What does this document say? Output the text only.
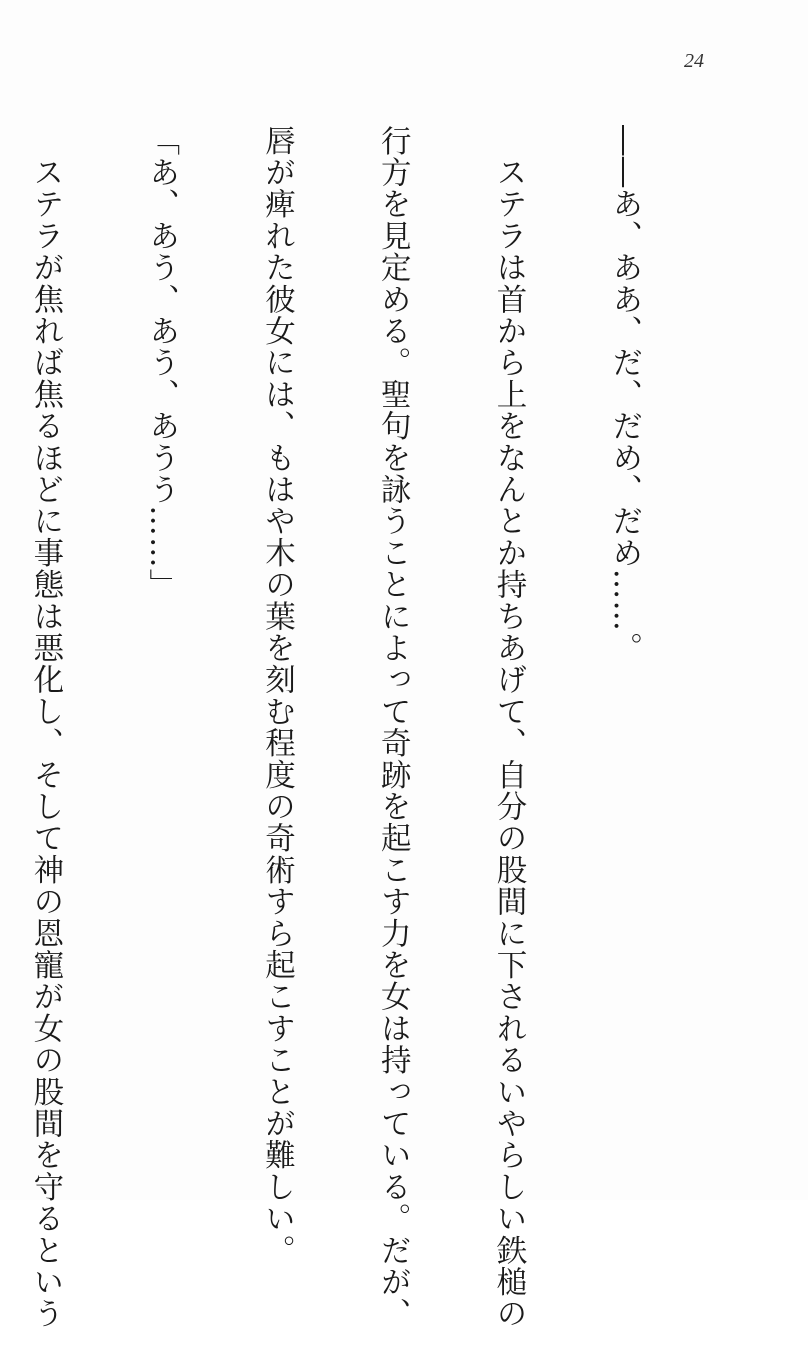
24

――あ、ああ、だ、だめ、だめ……。

　ステラは首から上をなんとか持ちあげて、自分の股間に下されるいやらしい鉄槌の

行方を見定める。聖句を詠うことによって奇跡を起こす力を女は持っている。だが、

唇が痺れた彼女には、もはや木の葉を刻む程度の奇術すら起こすことが難しい。

「あ、あう、あう、あうう……」

　ステラが焦れば焦るほどに事態は悪化し、そして神の恩寵が女の股間を守るという
